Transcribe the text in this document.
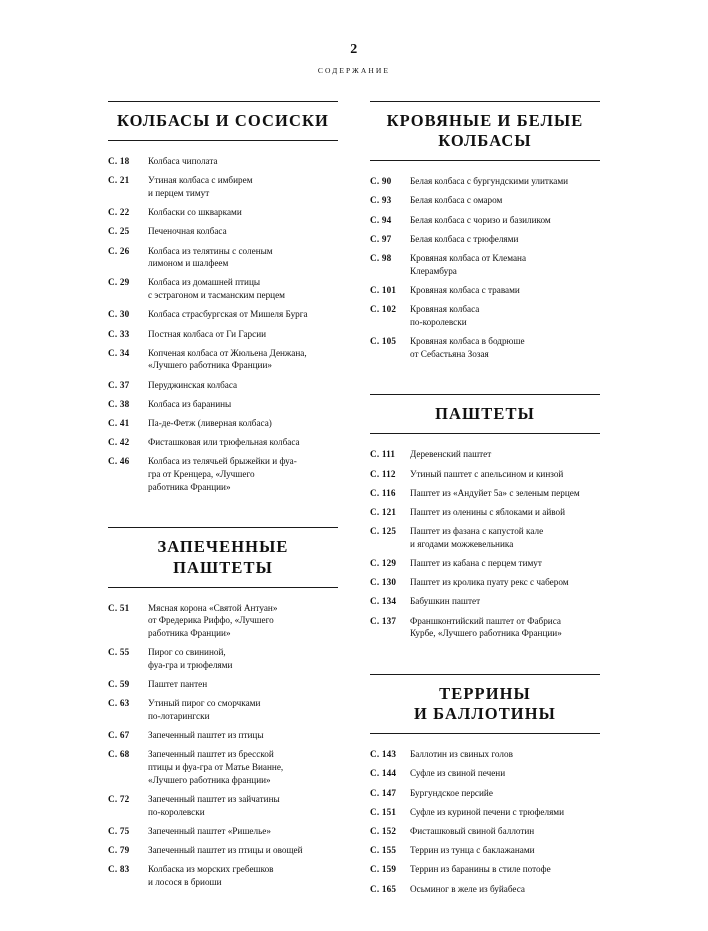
2
СОДЕРЖАНИЕ
КОЛБАСЫ И СОСИСКИ
С. 18	Колбаса чиполата
С. 21	Утиная колбаса с имбирем
и перцем тимут
С. 22	Колбаски со шкварками
С. 25	Печеночная колбаса
С. 26	Колбаса из телятины с соленым
лимоном и шалфеем
С. 29	Колбаса из домашней птицы
с эстрагоном и тасманским перцем
С. 30	Колбаса страсбургская от Мишеля Бурга
С. 33	Постная колбаса от Ги Гарсии
С. 34	Копченая колбаса от Жюльена Денжана,
«Лучшего работника Франции»
С. 37	Перуджинская колбаса
С. 38	Колбаса из баранины
С. 41	Па-де-Фетж (ливерная колбаса)
С. 42	Фисташковая или трюфельная колбаса
С. 46	Колбаса из телячьей брыжейки и фуа-
гра от Кренцера, «Лучшего
работника Франции»
ЗАПЕЧЕННЫЕ
ПАШТЕТЫ
С. 51	Мясная корона «Святой Антуан»
от Фредерика Риффо, «Лучшего
работника Франции»
С. 55	Пирог со свининой,
фуа-гра и трюфелями
С. 59	Паштет пантен
С. 63	Утиный пирог со сморчками
по-лотарингски
С. 67	Запеченный паштет из птицы
С. 68	Запеченный паштет из бресской
птицы и фуа-гра от Матье Вианне,
«Лучшего работника франции»
С. 72	Запеченный паштет из зайчатины
по-королевски
С. 75	Запеченный паштет «Ришелье»
С. 79	Запеченный паштет из птицы и овощей
С. 83	Колбаска из морских гребешков
и лосося в бриоши
КРОВЯНЫЕ И БЕЛЫЕ
КОЛБАСЫ
С. 90	Белая колбаса с бургундскими улитками
С. 93	Белая колбаса с омаром
С. 94	Белая колбаса с чоризо и базиликом
С. 97	Белая колбаса с трюфелями
С. 98	Кровяная колбаса от Клемана
Клерамбура
С. 101	Кровяная колбаса с травами
С. 102	Кровяная колбаса
по-королевски
С. 105	Кровяная колбаса в бодрюше
от Себастьяна Зозая
ПАШТЕТЫ
С. 111	Деревенский паштет
С. 112	Утиный паштет с апельсином и кинзой
С. 116	Паштет из «Андуйет 5а» с зеленым перцем
С. 121	Паштет из оленины с яблоками и айвой
С. 125	Паштет из фазана с капустой кале
и ягодами можжевельника
С. 129	Паштет из кабана с перцем тимут
С. 130	Паштет из кролика пуату рекс с чабером
С. 134	Бабушкин паштет
С. 137	Франшконтийский паштет от Фабриса
Курбе, «Лучшего работника Франции»
ТЕРРИНЫ
И БАЛЛОТИНЫ
С. 143	Баллотин из свиных голов
С. 144	Суфле из свиной печени
С. 147	Бургундское персийе
С. 151	Суфле из куриной печени с трюфелями
С. 152	Фисташковый свиной баллотин
С. 155	Террин из тунца с баклажанами
С. 159	Террин из баранины в стиле потофе
С. 165	Осьминог в желе из буйабеса
